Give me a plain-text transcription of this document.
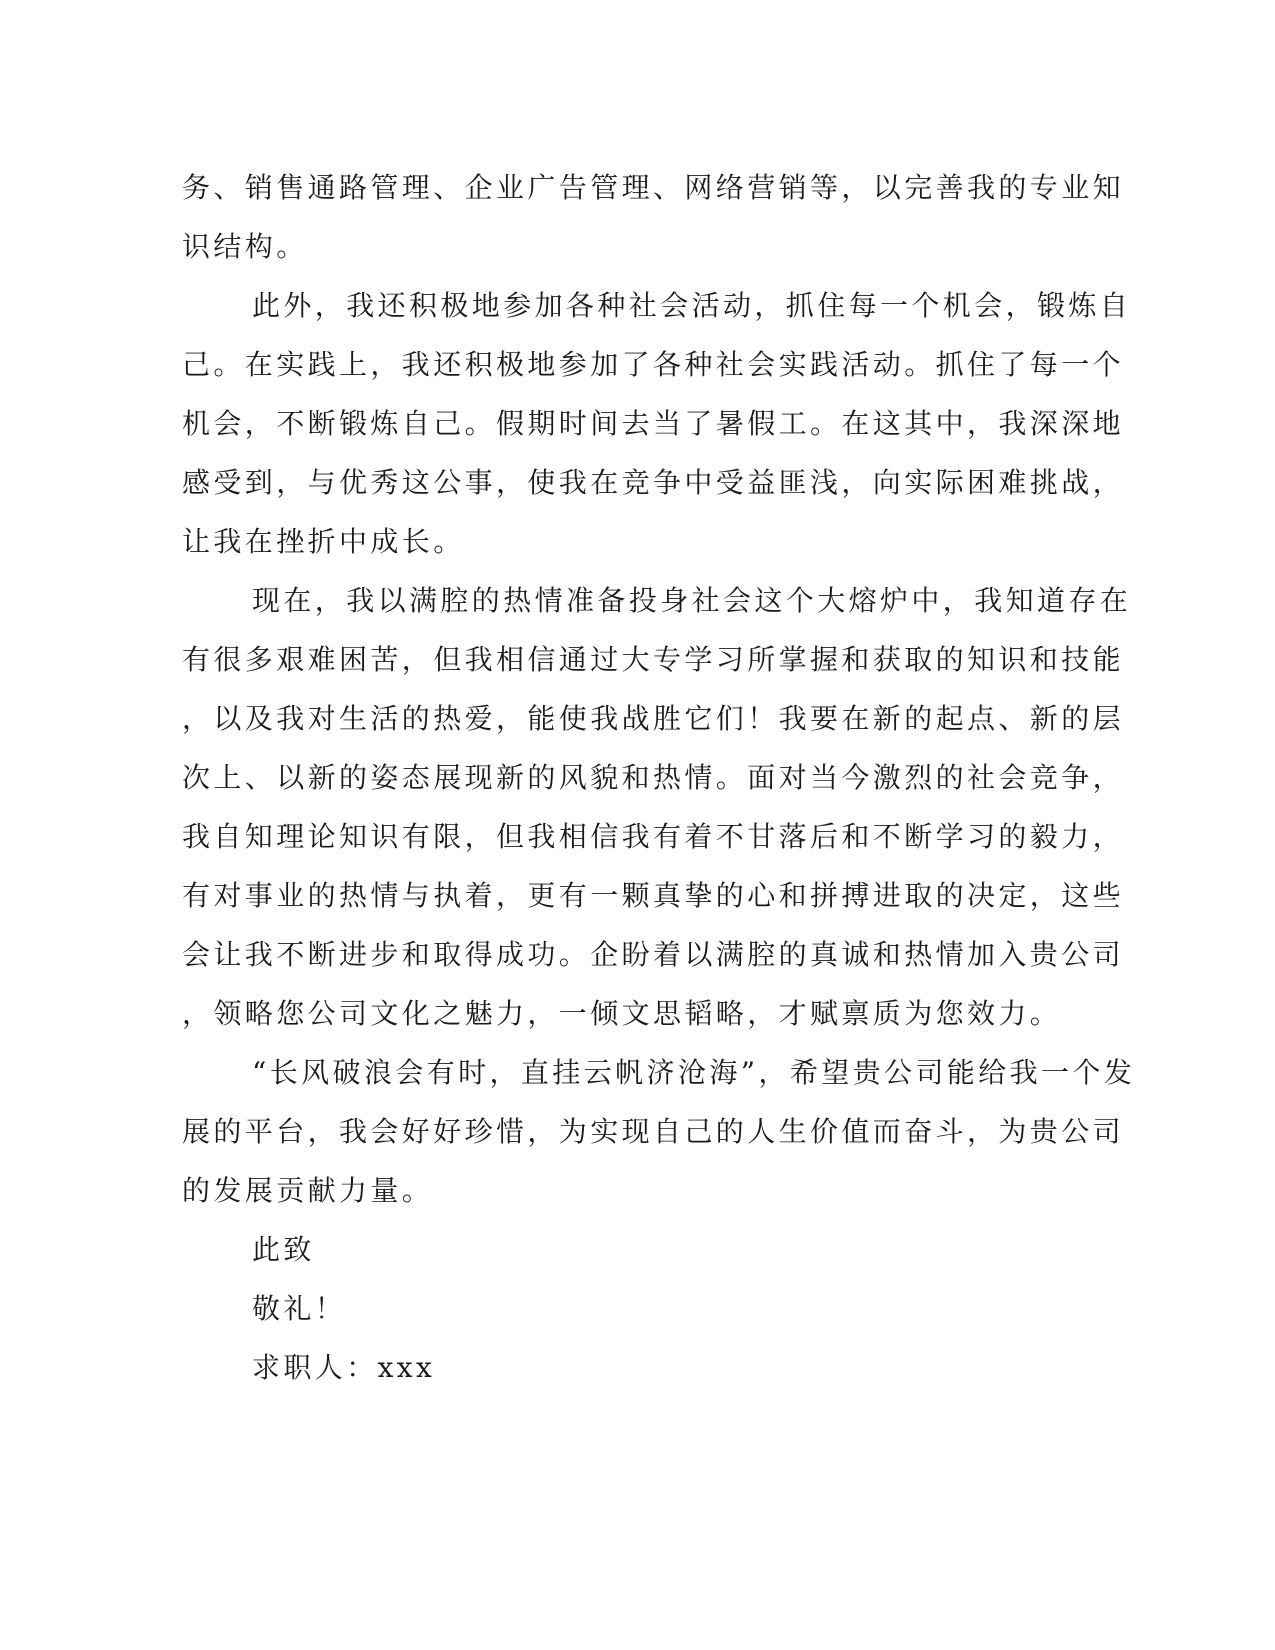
务、销售通路管理、企业广告管理、网络营销等，以完善我的专业知
识结构。
此外，我还积极地参加各种社会活动，抓住每一个机会，锻炼自
己。在实践上，我还积极地参加了各种社会实践活动。抓住了每一个
机会，不断锻炼自己。假期时间去当了暑假工。在这其中，我深深地
感受到，与优秀这公事，使我在竞争中受益匪浅，向实际困难挑战，
让我在挫折中成长。
现在，我以满腔的热情准备投身社会这个大熔炉中，我知道存在
有很多艰难困苦，但我相信通过大专学习所掌握和获取的知识和技能
，以及我对生活的热爱，能使我战胜它们！我要在新的起点、新的层
次上、以新的姿态展现新的风貌和热情。面对当今激烈的社会竞争，
我自知理论知识有限，但我相信我有着不甘落后和不断学习的毅力，
有对事业的热情与执着，更有一颗真挚的心和拼搏进取的决定，这些
会让我不断进步和取得成功。企盼着以满腔的真诚和热情加入贵公司
，领略您公司文化之魅力，一倾文思韬略，才赋禀质为您效力。
“长风破浪会有时，直挂云帆济沧海”，希望贵公司能给我一个发
展的平台，我会好好珍惜，为实现自己的人生价值而奋斗，为贵公司
的发展贡献力量。
此致
敬礼！
求职人：xxx
